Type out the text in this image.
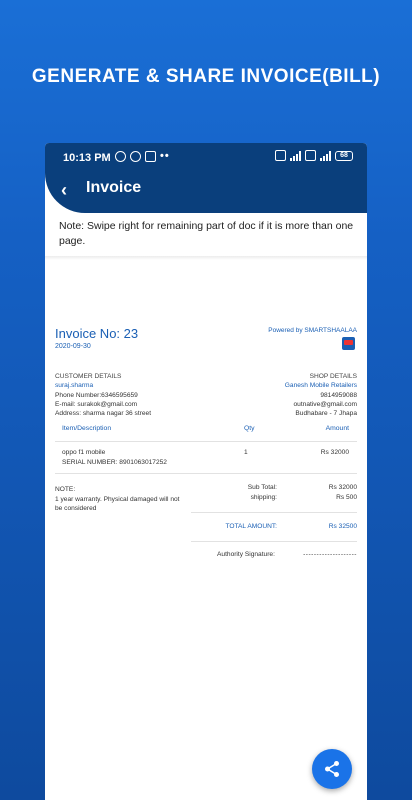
GENERATE & SHARE INVOICE(BILL)
10:13 PM	••	68
‹ Invoice
Note: Swipe right for remaining part of doc if it is more than one page.
Invoice No: 23
2020-09-30
Powered by SMARTSHAALAA
CUSTOMER DETAILS
suraj.sharma
Phone Number:6346595659
E-mail: surakok@gmail.com
Address: sharma nagar 36 street
SHOP DETAILS
Ganesh Mobile Retailers
9814959088
outnative@gmail.com
Budhabare - 7 Jhapa
Item/Description	Qty	Amount
oppo f1 mobile
SERIAL NUMBER: 8901063017252
1	Rs 32000
NOTE:
1 year warranty. Physical damaged will not be considered
Sub Total:	Rs 32000
shipping:	Rs 500
TOTAL AMOUNT:	Rs 32500
Authority Signature:	--------------------
